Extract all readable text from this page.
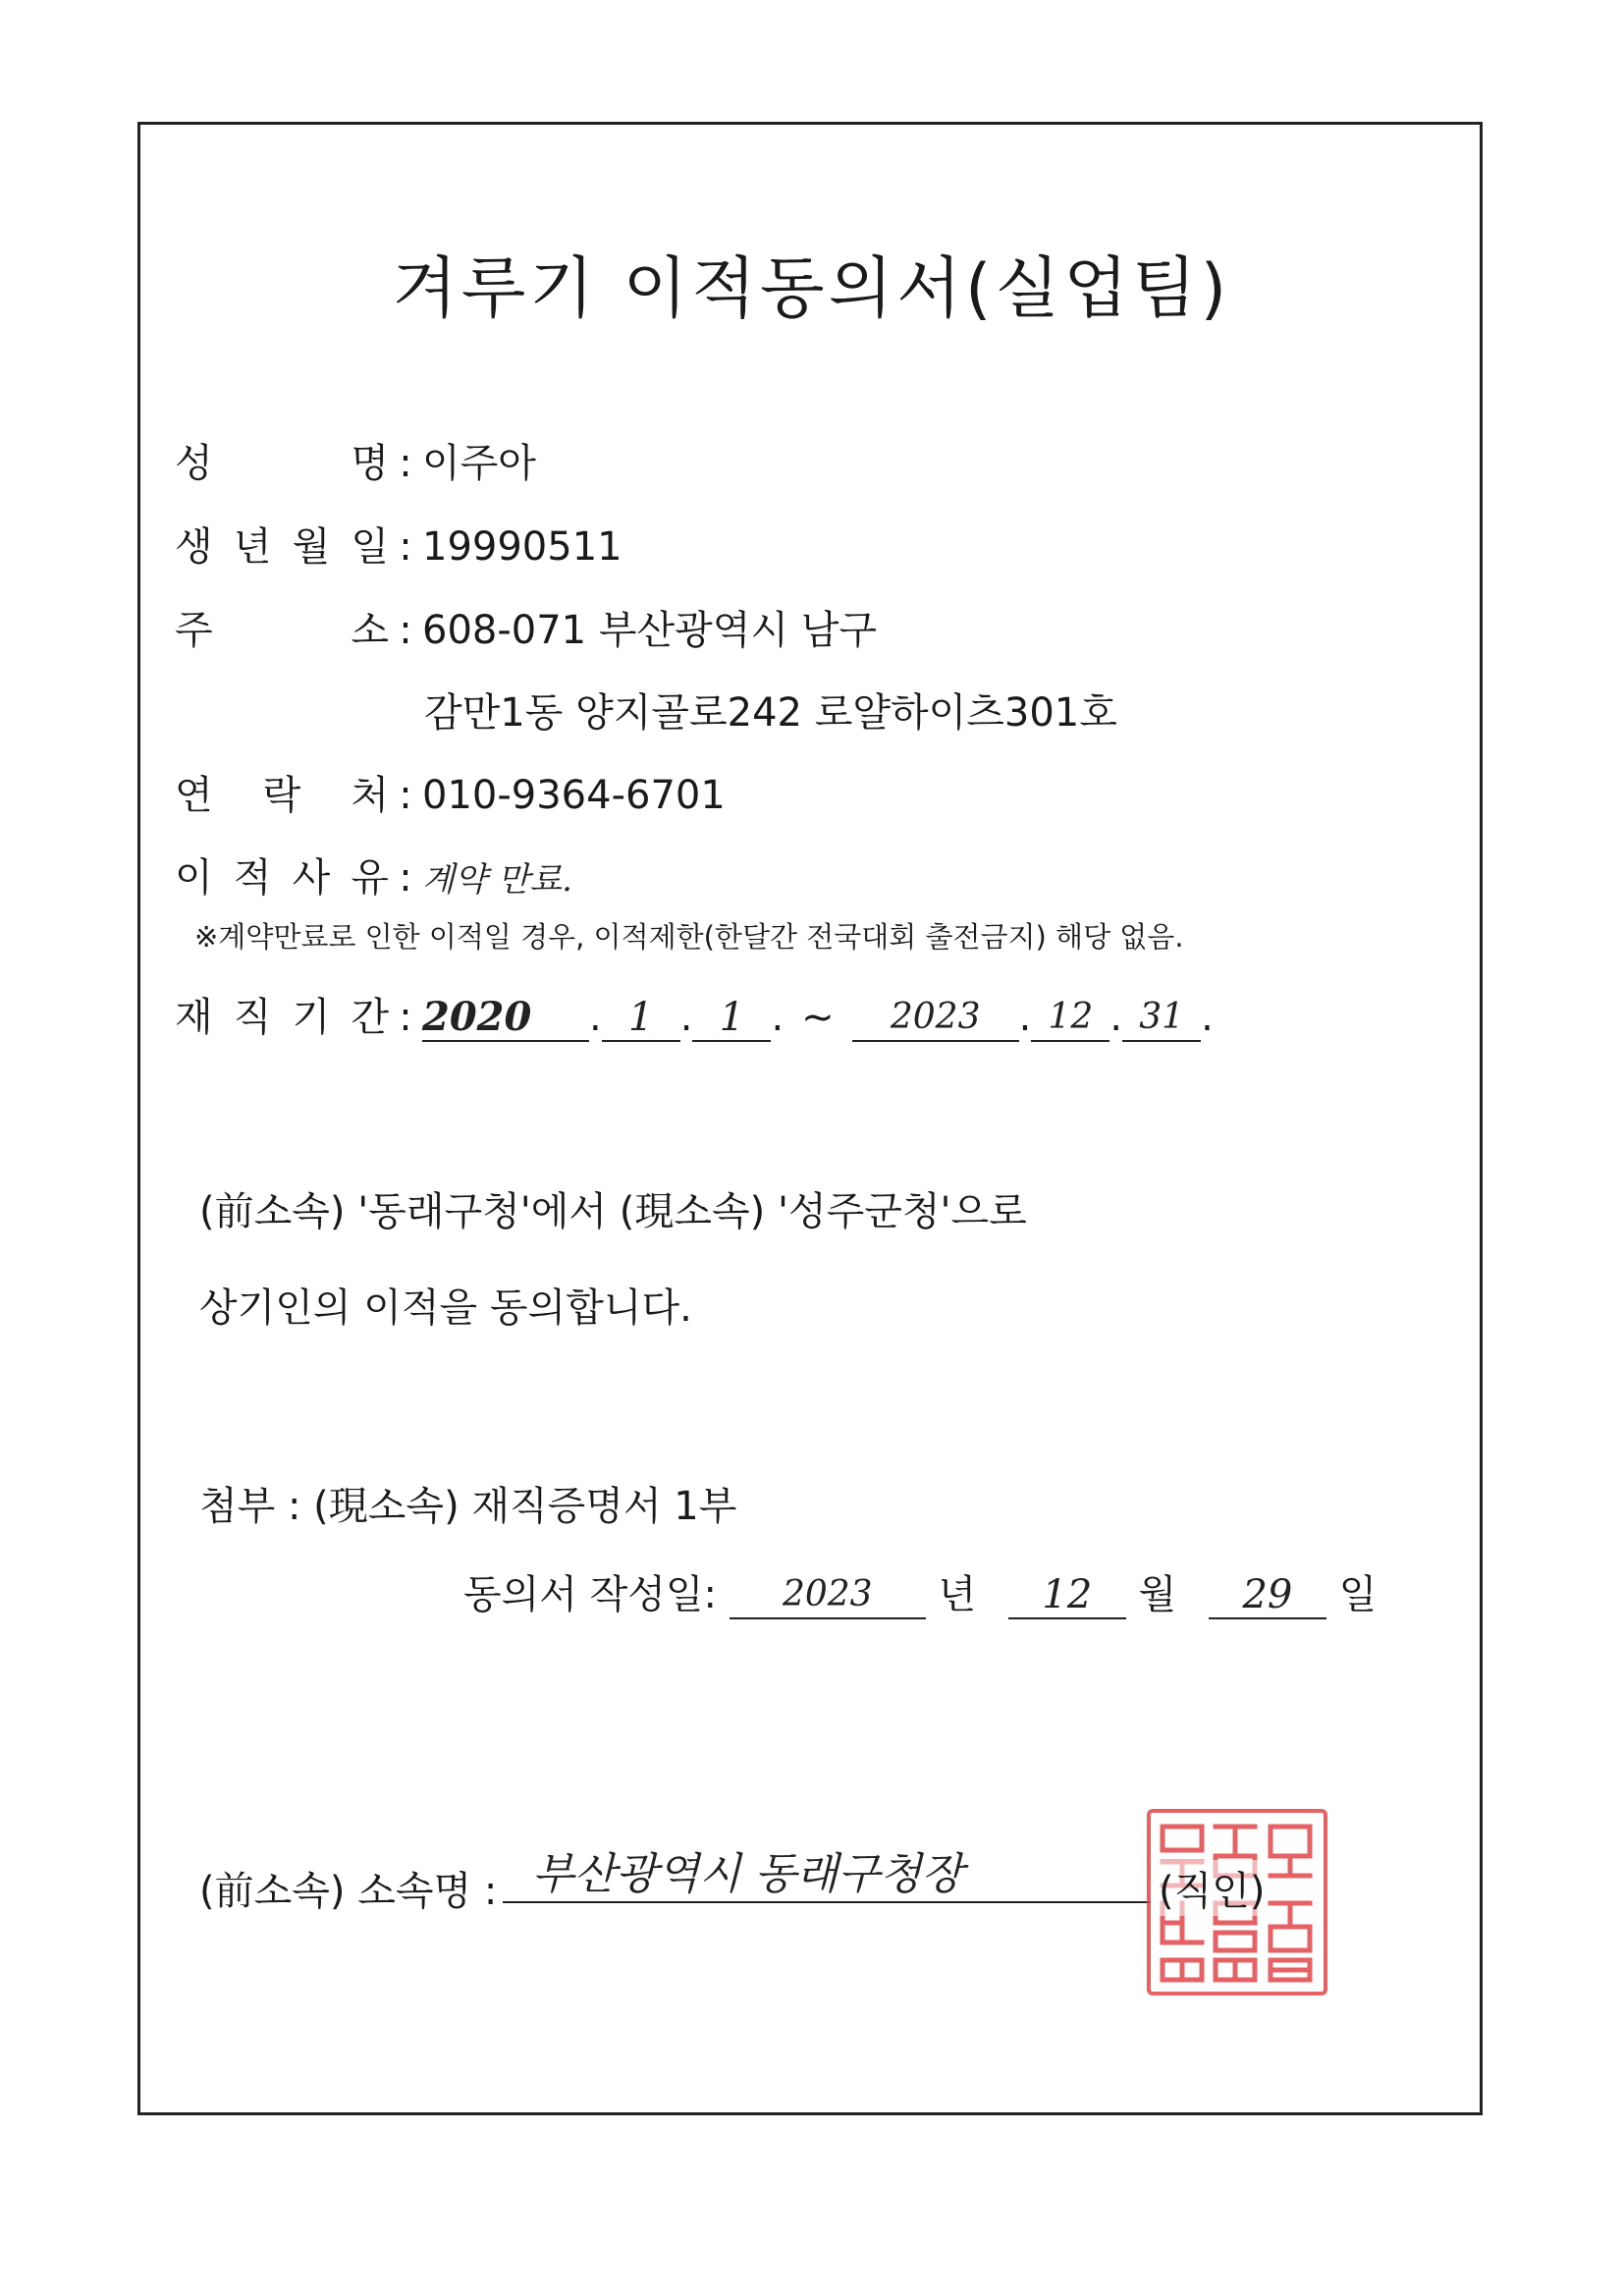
겨루기 이적동의서(실업팀)
성 명 : 이주아
생 년 월 일 : 19990511
주 소 : 608-071 부산광역시 남구
감만1동 양지골로242 로얄하이츠301호
연 락 처 : 010-9364-6701
이 적 사 유 : 계약 만료.
※계약만료로 인한 이적일 경우, 이적제한(한달간 전국대회 출전금지) 해당 없음.
재 직 기 간 : 2020 . 1 . 1 . ~ 2023 . 12 . 31 .
(前소속) '동래구청'에서 (現소속) '성주군청'으로
상기인의 이적을 동의합니다.
첨부 : (現소속) 재직증명서 1부
동의서 작성일: 2023 년 12 월 29 일
(前소속) 소속명 : 부산광역시 동래구청장	(직인)
